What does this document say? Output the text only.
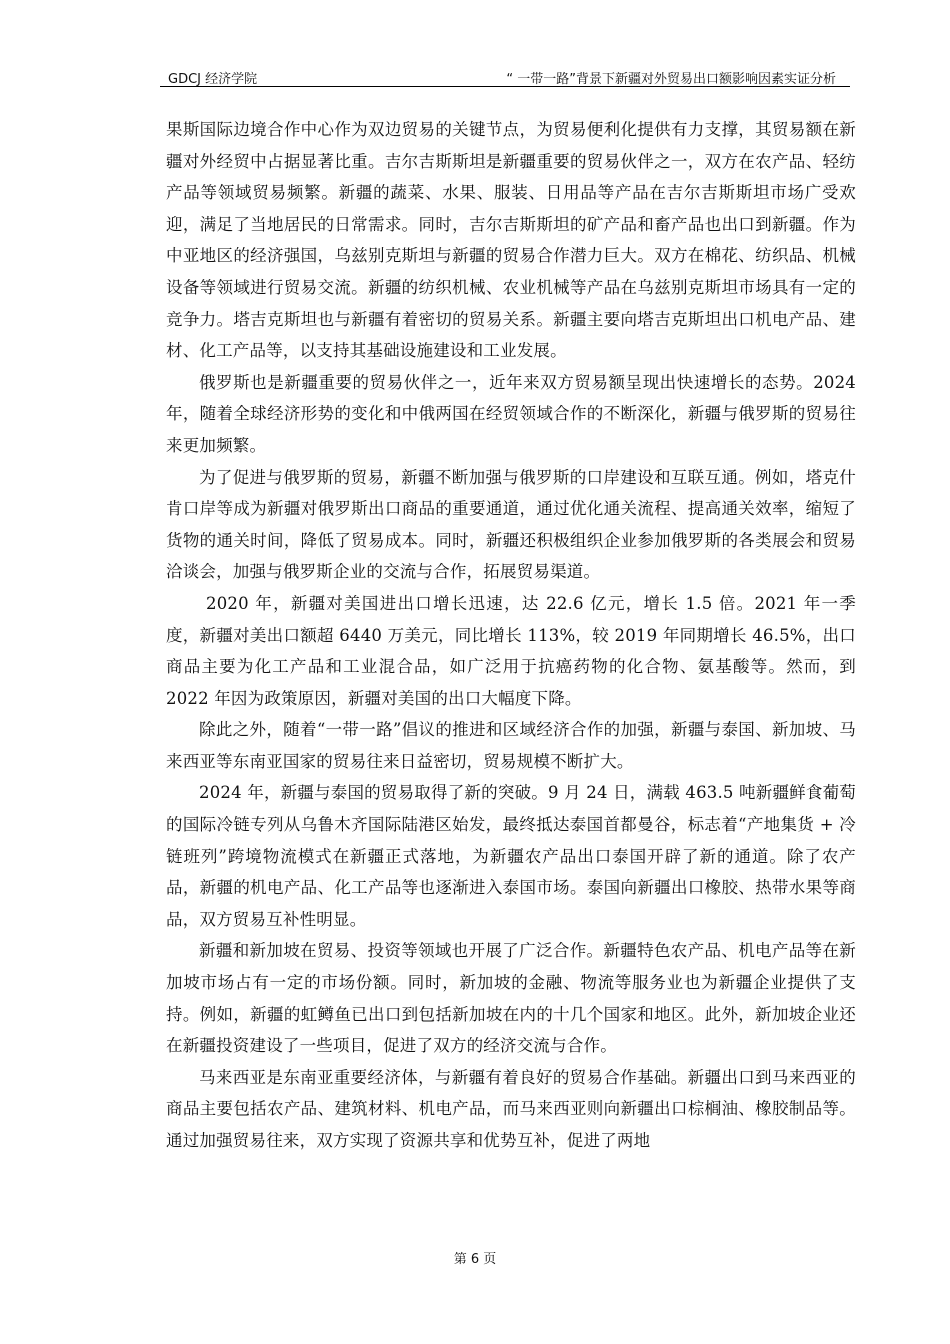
GDCJ 经济学院	“ 一带一路”背景下新疆对外贸易出口额影响因素实证分析

果斯国际边境合作中心作为双边贸易的关键节点，为贸易便利化提供有力支撑，其贸易额在新疆对外经贸中占据显著比重。吉尔吉斯斯坦是新疆重要的贸易伙伴之一，双方在农产品、轻纺产品等领域贸易频繁。新疆的蔬菜、水果、服装、日用品等产品在吉尔吉斯斯坦市场广受欢迎，满足了当地居民的日常需求。同时，吉尔吉斯斯坦的矿产品和畜产品也出口到新疆。作为中亚地区的经济强国，乌兹别克斯坦与新疆的贸易合作潜力巨大。双方在棉花、纺织品、机械设备等领域进行贸易交流。新疆的纺织机械、农业机械等产品在乌兹别克斯坦市场具有一定的竞争力。塔吉克斯坦也与新疆有着密切的贸易关系。新疆主要向塔吉克斯坦出口机电产品、建材、化工产品等，以支持其基础设施建设和工业发展。

俄罗斯也是新疆重要的贸易伙伴之一，近年来双方贸易额呈现出快速增长的态势。2024 年，随着全球经济形势的变化和中俄两国在经贸领域合作的不断深化，新疆与俄罗斯的贸易往来更加频繁。

为了促进与俄罗斯的贸易，新疆不断加强与俄罗斯的口岸建设和互联互通。例如，塔克什肯口岸等成为新疆对俄罗斯出口商品的重要通道，通过优化通关流程、提高通关效率，缩短了货物的通关时间，降低了贸易成本。同时，新疆还积极组织企业参加俄罗斯的各类展会和贸易洽谈会，加强与俄罗斯企业的交流与合作，拓展贸易渠道。

2020 年，新疆对美国进出口增长迅速，达 22.6 亿元，增长 1.5 倍。2021 年一季度，新疆对美出口额超 6440 万美元，同比增长 113%，较 2019 年同期增长 46.5%，出口商品主要为化工产品和工业混合品，如广泛用于抗癌药物的化合物、氨基酸等。然而，到 2022 年因为政策原因，新疆对美国的出口大幅度下降。

除此之外，随着“一带一路”倡议的推进和区域经济合作的加强，新疆与泰国、新加坡、马来西亚等东南亚国家的贸易往来日益密切，贸易规模不断扩大。

2024 年，新疆与泰国的贸易取得了新的突破。9 月 24 日，满载 463.5 吨新疆鲜食葡萄的国际冷链专列从乌鲁木齐国际陆港区始发，最终抵达泰国首都曼谷，标志着“产地集货 + 冷链班列”跨境物流模式在新疆正式落地，为新疆农产品出口泰国开辟了新的通道。除了农产品，新疆的机电产品、化工产品等也逐渐进入泰国市场。泰国向新疆出口橡胶、热带水果等商品，双方贸易互补性明显。

新疆和新加坡在贸易、投资等领域也开展了广泛合作。新疆特色农产品、机电产品等在新加坡市场占有一定的市场份额。同时，新加坡的金融、物流等服务业也为新疆企业提供了支持。例如，新疆的虹鳟鱼已出口到包括新加坡在内的十几个国家和地区。此外，新加坡企业还在新疆投资建设了一些项目，促进了双方的经济交流与合作。

马来西亚是东南亚重要经济体，与新疆有着良好的贸易合作基础。新疆出口到马来西亚的商品主要包括农产品、建筑材料、机电产品，而马来西亚则向新疆出口棕榈油、橡胶制品等。通过加强贸易往来，双方实现了资源共享和优势互补，促进了两地

第 6 页
